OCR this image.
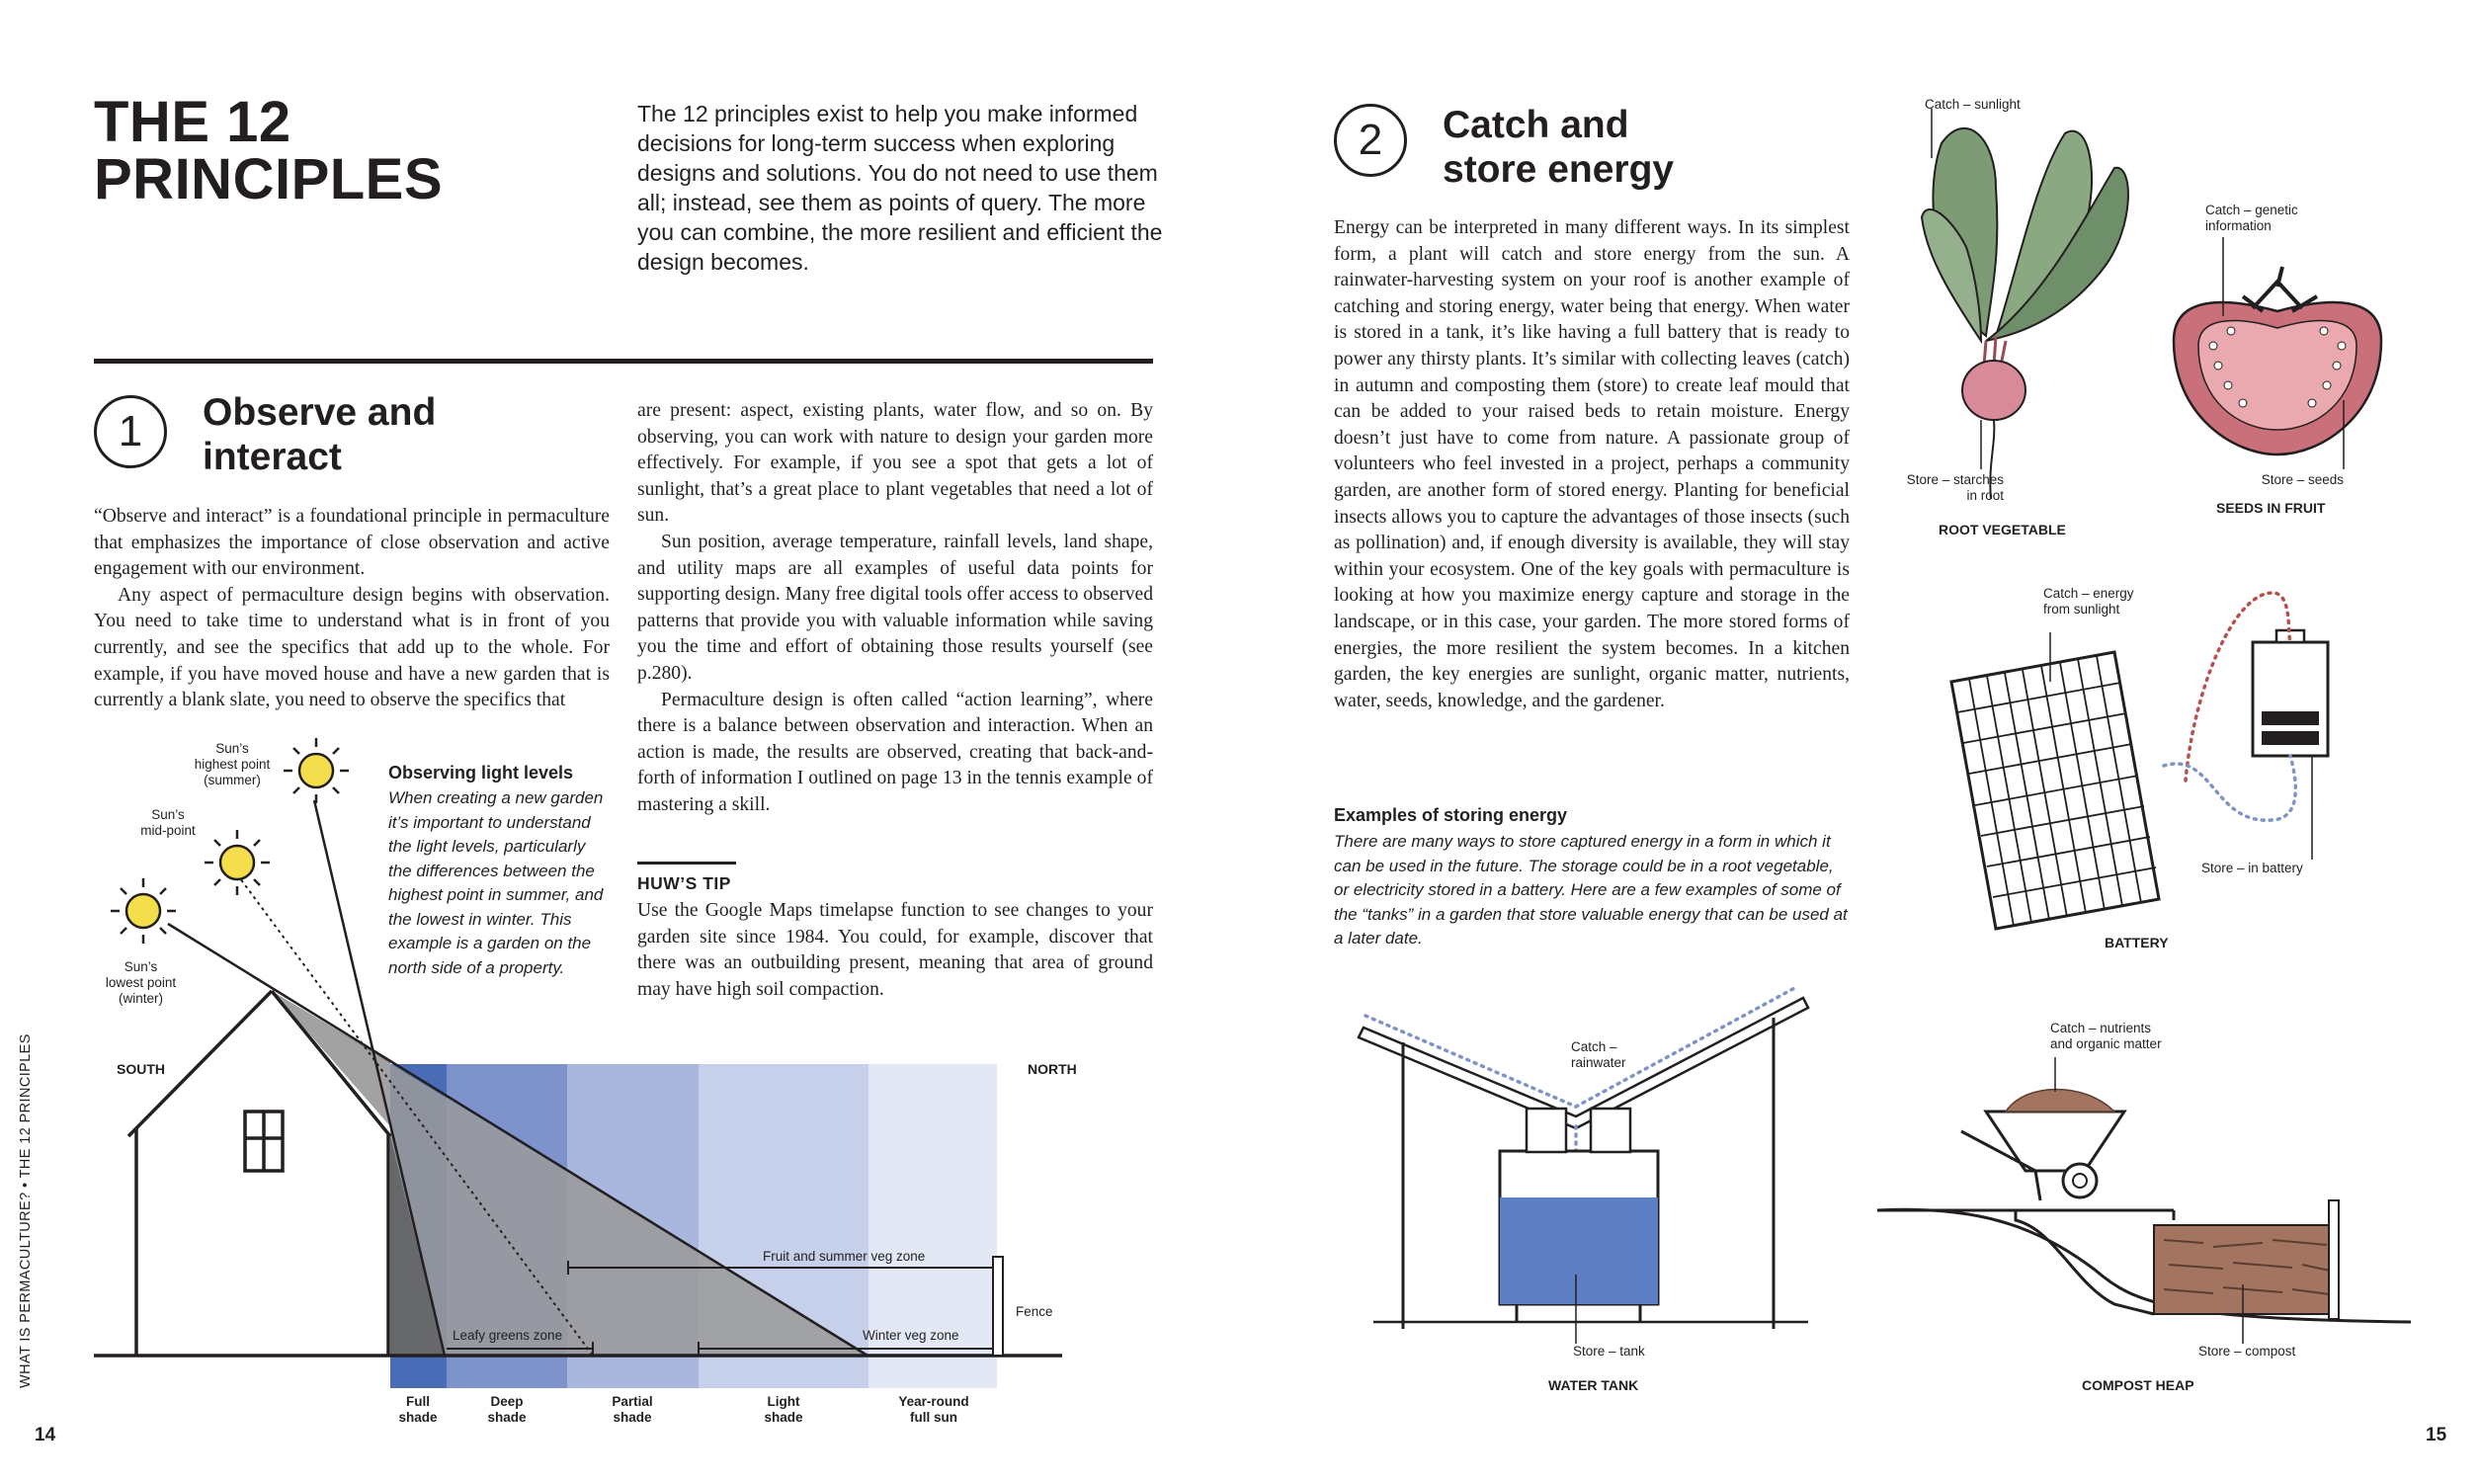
THE 12
PRINCIPLES
The 12 principles exist to help you make informed decisions for long-term success when exploring designs and solutions. You do not need to use them all; instead, see them as points of query. The more you can combine, the more resilient and efficient the design becomes.
1 Observe and
interact

“Observe and interact” is a foundational principle in permaculture that emphasizes the importance of close observation and active engagement with our environment.

Any aspect of permaculture design begins with observation. You need to take time to understand what is in front of you currently, and see the specifics that add up to the whole. For example, if you have moved house and have a new garden that is currently a blank slate, you need to observe the specifics that

are present: aspect, existing plants, water flow, and so on. By observing, you can work with nature to design your garden more effectively. For example, if you see a spot that gets a lot of sunlight, that’s a great place to plant vegetables that need a lot of sun.

Sun position, average temperature, rainfall levels, land shape, and utility maps are all examples of useful data points for supporting design. Many free digital tools offer access to observed patterns that provide you with valuable information while saving you the time and effort of obtaining those results yourself (see p.280).

Permaculture design is often called “action learning”, where there is a balance between observation and interaction. When an action is made, the results are observed, creating that back-and-forth of information I outlined on page 13 in the tennis example of mastering a skill.

Observing light levels
When creating a new garden it’s important to understand the light levels, particularly the differences between the highest point in summer, and the lowest in winter. This example is a garden on the north side of a property.
HUW’S TIP
Use the Google Maps timelapse function to see changes to your garden site since 1984. You could, for example, discover that there was an outbuilding present, meaning that area of ground may have high soil compaction.
Sun’s
highest point
(summer)
Sun’s
mid-point
Sun’s
lowest point
(winter)
SOUTH	NORTH
Fruit and summer veg zone
Leafy greens zone	Winter veg zone
Fence
Full
shade
Deep
shade
Partial
shade
Light
shade
Year-round
full sun
WHAT IS PERMACULTURE? • THE 12 PRINCIPLES
14
2 Catch and
store energy
Energy can be interpreted in many different ways. In its simplest form, a plant will catch and store energy from the sun. A rainwater-harvesting system on your roof is another example of catching and storing energy, water being that energy. When water is stored in a tank, it’s like having a full battery that is ready to power any thirsty plants. It’s similar with collecting leaves (catch) in autumn and composting them (store) to create leaf mould that can be added to your raised beds to retain moisture. Energy doesn’t just have to come from nature. A passionate group of volunteers who feel invested in a project, perhaps a community garden, are another form of stored energy. Planting for beneficial insects allows you to capture the advantages of those insects (such as pollination) and, if enough diversity is available, they will stay within your ecosystem. One of the key goals with permaculture is looking at how you maximize energy capture and storage in the landscape, or in this case, your garden. The more stored forms of energies, the more resilient the system becomes. In a kitchen garden, the key energies are sunlight, organic matter, nutrients, water, seeds, knowledge, and the gardener.
Examples of storing energy
There are many ways to store captured energy in a form in which it can be used in the future. The storage could be in a root vegetable, or electricity stored in a battery. Here are a few examples of some of the “tanks” in a garden that store valuable energy that can be used at a later date.
Catch – sunlight
Store – starches
in root
ROOT VEGETABLE
Catch – genetic
information
Store – seeds
SEEDS IN FRUIT
Catch – energy
from sunlight
Store – in battery
BATTERY
Catch –
rainwater
Store – tank
WATER TANK
Catch – nutrients
and organic matter
Store – compost
COMPOST HEAP
15
